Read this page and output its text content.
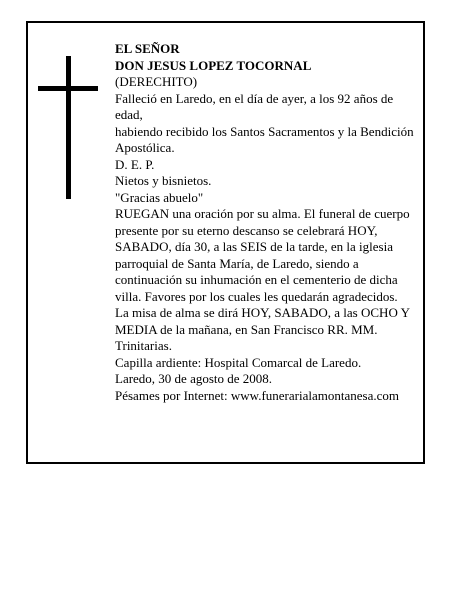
EL SEÑOR

DON JESUS LOPEZ TOCORNAL

(DERECHITO)

Falleció en Laredo, en el día de ayer, a los 92 años de edad,

habiendo recibido los Santos Sacramentos y la Bendición Apostólica.

D. E. P.

Nietos y bisnietos.

"Gracias abuelo"

RUEGAN una oración por su alma. El funeral de cuerpo presente por su eterno descanso se celebrará HOY, SABADO, día 30, a las SEIS de la tarde, en la iglesia parroquial de Santa María, de Laredo, siendo a continuación su inhumación en el cementerio de dicha villa. Favores por los cuales les quedarán agradecidos.

La misa de alma se dirá HOY, SABADO, a las OCHO Y MEDIA de la mañana, en San Francisco RR. MM. Trinitarias.

Capilla ardiente: Hospital Comarcal de Laredo.

Laredo, 30 de agosto de 2008.

Pésames por Internet: www.funerarialamontanesa.com
